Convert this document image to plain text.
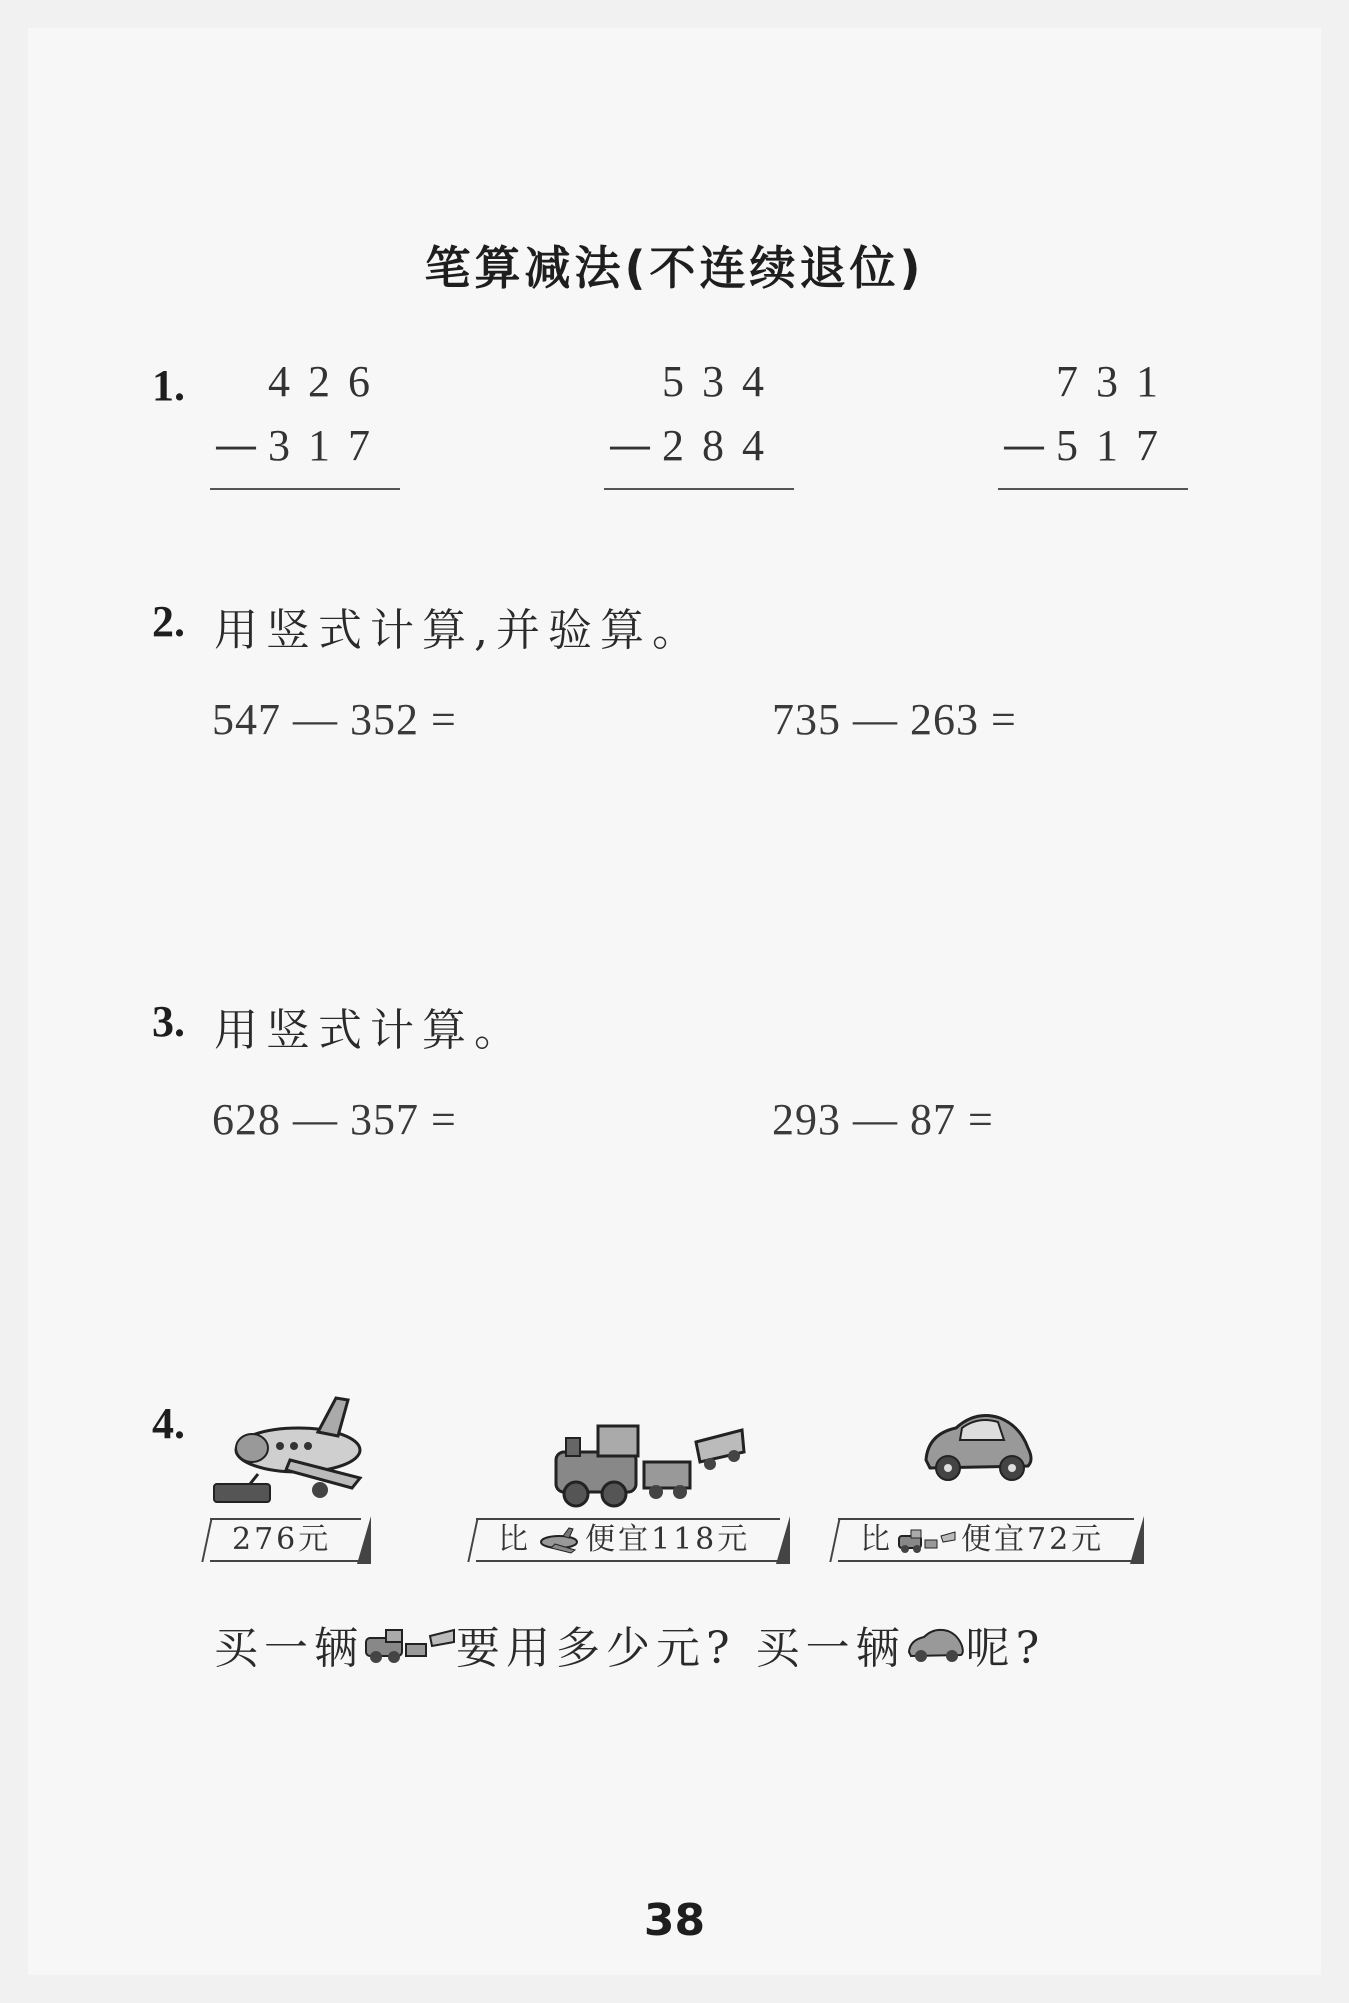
笔算减法(不连续退位)
1. 426
— 317
534
— 284
731
— 517
2. 用竖式计算,并验算。
547 — 352 =	735 — 263 =
3. 用竖式计算。
628 — 357 =	293 — 87 =
4.
276元	比 便宜118元	比 便宜72元
买一辆 要用多少元? 买一辆 呢?
38
